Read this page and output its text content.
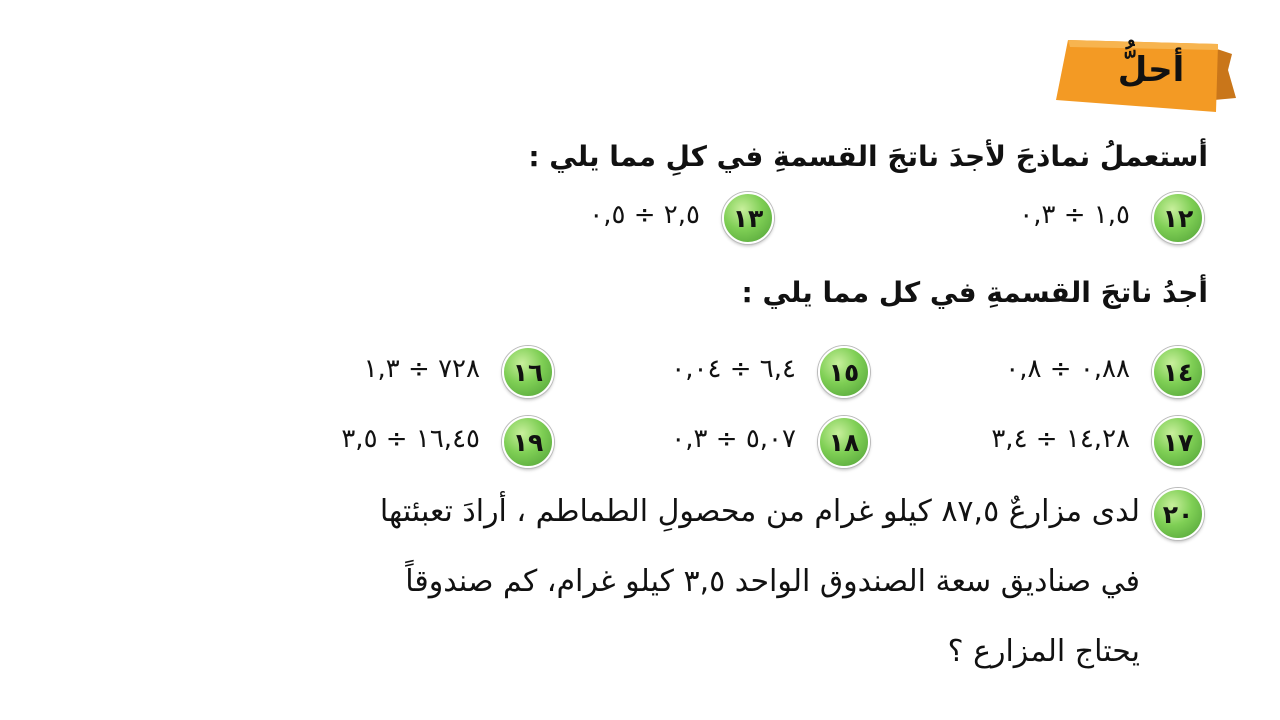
أحلُّ
أستعملُ نماذجَ لأجدَ ناتجَ القسمةِ في كلِ مما يلي :
١٢
١,٥ ÷ ٠,٣
١٣
٢,٥ ÷ ٠,٥
أجدُ ناتجَ القسمةِ في كل مما يلي :
١٤
٠,٨٨ ÷ ٠,٨
١٥
٦,٤ ÷ ٠,٠٤
١٦
٧٢٨ ÷ ١,٣
١٧
١٤,٢٨ ÷ ٣,٤
١٨
٥,٠٧ ÷ ٠,٣
١٩
١٦,٤٥ ÷ ٣,٥
٢٠
لدى مزارعٌ ٨٧,٥ كيلو غرام من محصولِ الطماطم ، أرادَ تعبئتها
في صناديق سعة الصندوق الواحد ٣,٥ كيلو غرام، كم صندوقاً
يحتاج المزارع ؟
